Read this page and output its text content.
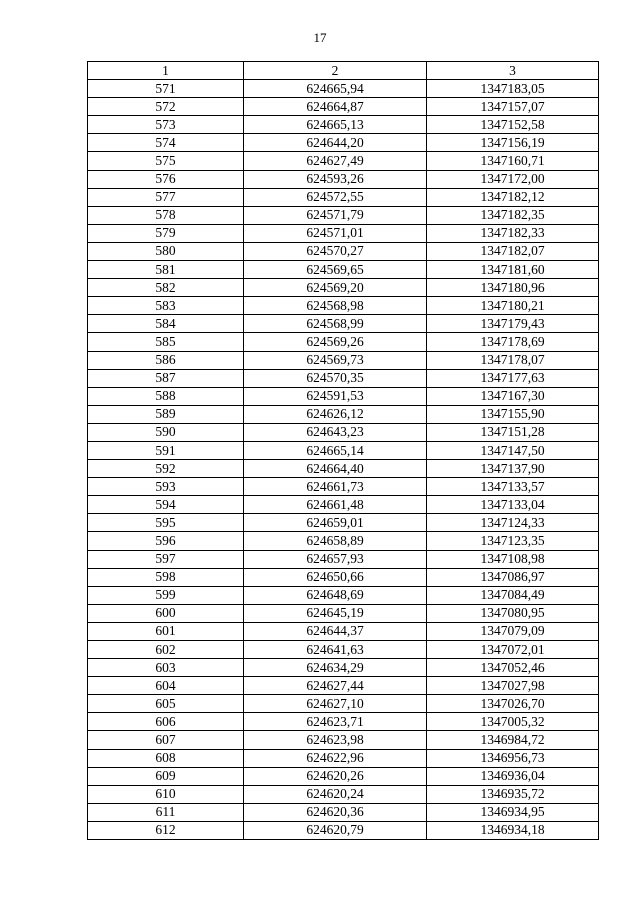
17
1	2	3
571	624665,94	1347183,05
572	624664,87	1347157,07
573	624665,13	1347152,58
574	624644,20	1347156,19
575	624627,49	1347160,71
576	624593,26	1347172,00
577	624572,55	1347182,12
578	624571,79	1347182,35
579	624571,01	1347182,33
580	624570,27	1347182,07
581	624569,65	1347181,60
582	624569,20	1347180,96
583	624568,98	1347180,21
584	624568,99	1347179,43
585	624569,26	1347178,69
586	624569,73	1347178,07
587	624570,35	1347177,63
588	624591,53	1347167,30
589	624626,12	1347155,90
590	624643,23	1347151,28
591	624665,14	1347147,50
592	624664,40	1347137,90
593	624661,73	1347133,57
594	624661,48	1347133,04
595	624659,01	1347124,33
596	624658,89	1347123,35
597	624657,93	1347108,98
598	624650,66	1347086,97
599	624648,69	1347084,49
600	624645,19	1347080,95
601	624644,37	1347079,09
602	624641,63	1347072,01
603	624634,29	1347052,46
604	624627,44	1347027,98
605	624627,10	1347026,70
606	624623,71	1347005,32
607	624623,98	1346984,72
608	624622,96	1346956,73
609	624620,26	1346936,04
610	624620,24	1346935,72
611	624620,36	1346934,95
612	624620,79	1346934,18
